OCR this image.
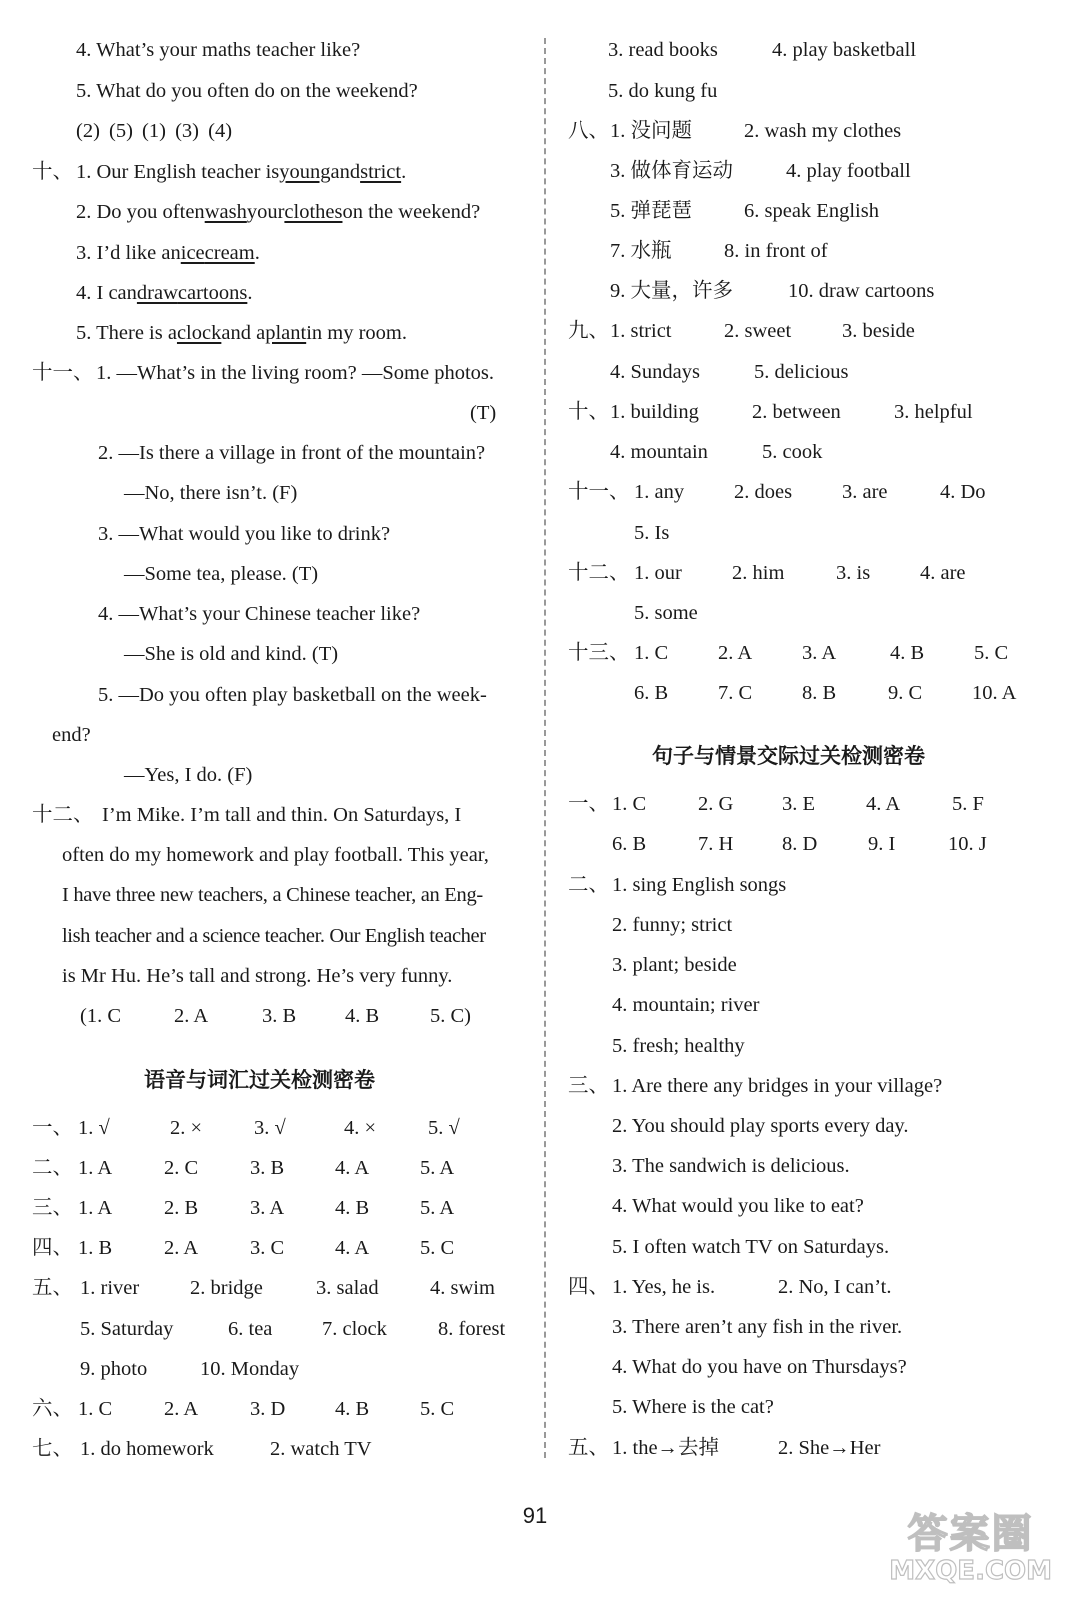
4. What’s your maths teacher like?
5. What do you often do on the weekend?
(2) (5) (1) (3) (4)
十、 1. Our English teacher isyoungandstrict.
2. Do you oftenwashyourclotheson the weekend?
3. I’d like anicecream.
4. I candrawcartoons.
5. There is aclockand aplantin my room.
十一、 1. —What’s in the living room? —Some photos.
(T)
2. —Is there a village in front of the mountain?
—No, there isn’t. (F)
3. —What would you like to drink?
—Some tea, please. (T)
4. —What’s your Chinese teacher like?
—She is old and kind. (T)
5. —Do you often play basketball on the week-
end?
—Yes, I do. (F)
十二、 I’m Mike. I’m tall and thin. On Saturdays, I
often do my homework and play football. This year,
I have three new teachers, a Chinese teacher, an Eng-
lish teacher and a science teacher. Our English teacher
is Mr Hu. He’s tall and strong. He’s very funny.
(1. C	2. A	3. B 4. B 5. C)
语音与词汇过关检测密卷
一、 1. √	2. ×	3. √	4. ×	5. √
二、 1. A	2. C	3. B 4. A 5. A
三、 1. A	2. B	3. A 4. B 5. A
四、 1. B	2. A	3. C 4. A 5. C
五、 1. river 2. bridge	3. salad	4. swim
5. Saturday	6. tea 7. clock 8. forest
9. photo	10. Monday
六、 1. C	2. A	3. D 4. B 5. C
七、 1. do homework	2. watch TV
3. read books	4. play basketball
5. do kung fu
八、 1. 没问题	2. wash my clothes
3. 做体育运动	4. play football
5. 弹琵琶	6. speak English
7. 水瓶	8. in front of
9. 大量，许多	10. draw cartoons
九、 1. strict	2. sweet 3. beside
4. Sundays	5. delicious
十、 1. building	2. between	3. helpful
4. mountain	5. cook
十一、 1. any 2. does 3. are	4. Do
5. Is
十二、 1. our 2. him	3. is 4. are
5. some
十三、 1. C 2. A 3. A	4. B 5. C
6. B 7. C 8. B	9. C 10. A
句子与情景交际过关检测密卷
一、 1. C	2. G 3. E 4. A	5. F
6. B	7. H 8. D 9. I	10. J
二、 1. sing English songs
2. funny; strict
3. plant; beside
4. mountain; river
5. fresh; healthy
三、 1. Are there any bridges in your village?
2. You should play sports every day.
3. The sandwich is delicious.
4. What would you like to eat?
5. I often watch TV on Saturdays.
四、 1. Yes, he is.	2. No, I can’t.
3. There aren’t any fish in the river.
4. What do you have on Thursdays?
5. Where is the cat?
五、 1. the→去掉	2. She→Her
91	答案圈
MXQE.COM
